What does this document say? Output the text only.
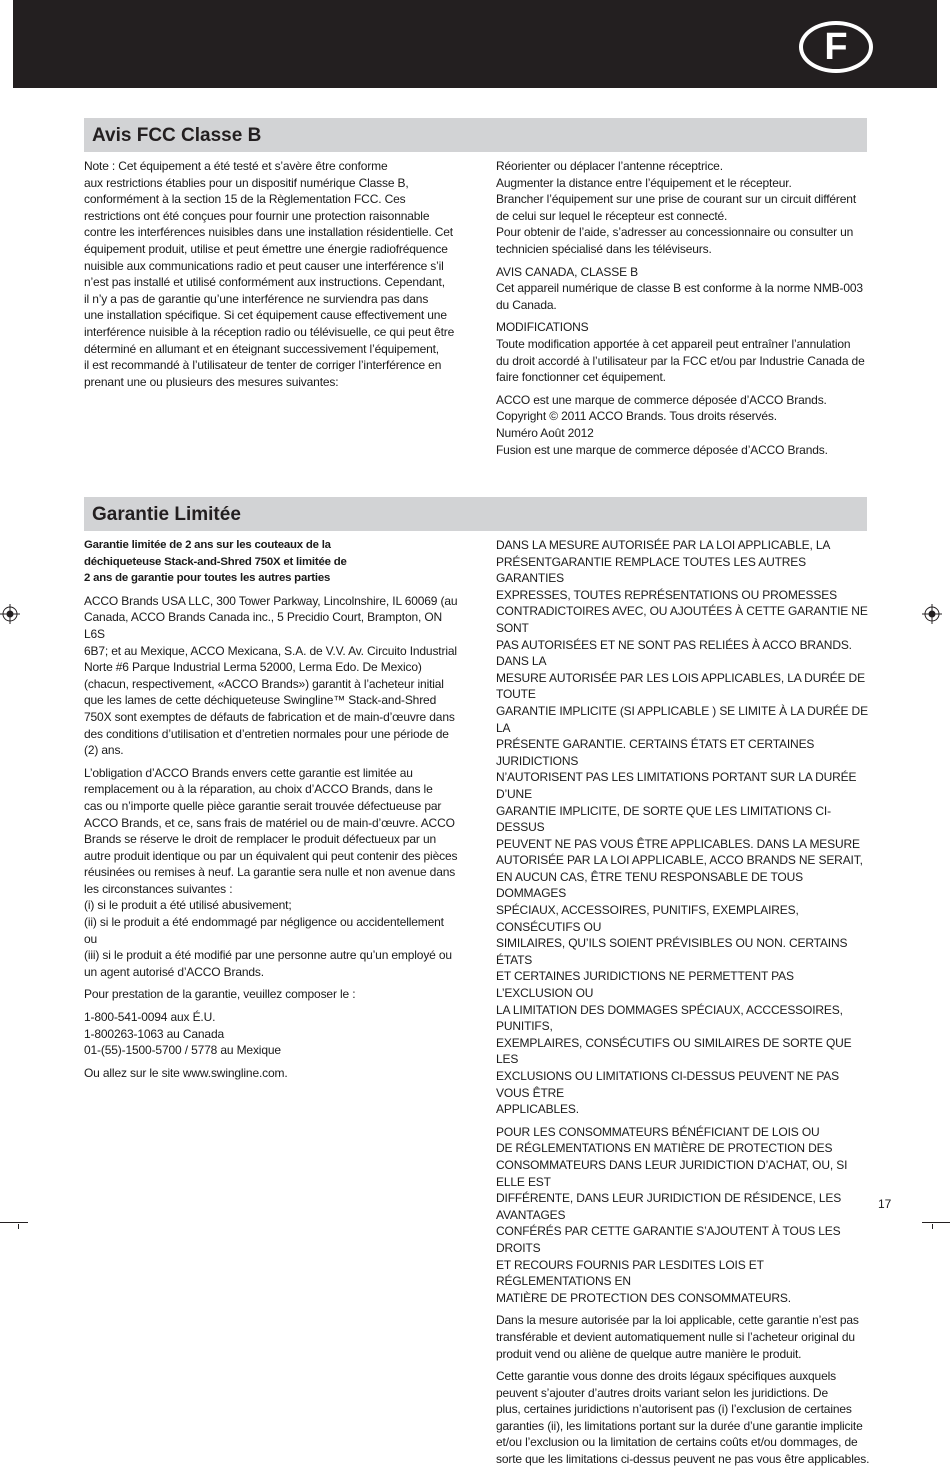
F
Avis FCC Classe B

Note : Cet équipement a été testé et s’avère être conforme
aux restrictions établies pour un dispositif numérique Classe B,
conformément à la section 15 de la Règlementation FCC. Ces
restrictions ont été conçues pour fournir une protection raisonnable
contre les interférences nuisibles dans une installation résidentielle. Cet
équipement produit, utilise et peut émettre une énergie radiofréquence
nuisible aux communications radio et peut causer une interférence s’il
n’est pas installé et utilisé conformément aux instructions. Cependant,
il n’y a pas de garantie qu’une interférence ne surviendra pas dans
une installation spécifique. Si cet équipement cause effectivement une
interférence nuisible à la réception radio ou télévisuelle, ce qui peut être
déterminé en allumant et en éteignant successivement l’équipement,
il est recommandé à l’utilisateur de tenter de corriger l’interférence en
prenant une ou plusieurs des mesures suivantes:

Réorienter ou déplacer l’antenne réceptrice.
Augmenter la distance entre l’équipement et le récepteur.
Brancher l’équipement sur une prise de courant sur un circuit différent
de celui sur lequel le récepteur est connecté.
Pour obtenir de l’aide, s’adresser au concessionnaire ou consulter un
technicien spécialisé dans les téléviseurs.

AVIS CANADA, CLASSE B
Cet appareil numérique de classe B est conforme à la norme NMB-003
du Canada.

MODIFICATIONS
Toute modification apportée à cet appareil peut entraîner l’annulation
du droit accordé à l’utilisateur par la FCC et/ou par Industrie Canada de
faire fonctionner cet équipement.

ACCO est une marque de commerce déposée d’ACCO Brands.
Copyright © 2011 ACCO Brands. Tous droits réservés.
Numéro Août 2012
Fusion est une marque de commerce déposée d’ACCO Brands.

Garantie Limitée
Garantie limitée de 2 ans sur les couteaux de la
déchiqueteuse Stack-and-Shred 750X et limitée de
2 ans de garantie pour toutes les autres parties

ACCO Brands USA LLC, 300 Tower Parkway, Lincolnshire, IL 60069 (au
Canada, ACCO Brands Canada inc., 5 Precidio Court, Brampton, ON L6S
6B7; et au Mexique, ACCO Mexicana, S.A. de V.V. Av. Circuito Industrial
Norte #6 Parque Industrial Lerma 52000, Lerma Edo. De Mexico)
(chacun, respectivement, «ACCO Brands») garantit à l’acheteur initial
que les lames de cette déchiqueteuse Swingline™ Stack-and-Shred
750X sont exemptes de défauts de fabrication et de main-d’œuvre dans
des conditions d’utilisation et d’entretien normales pour une période de
(2) ans.

L’obligation d’ACCO Brands envers cette garantie est limitée au
remplacement ou à la réparation, au choix d’ACCO Brands, dans le
cas ou n’importe quelle pièce garantie serait trouvée défectueuse par
ACCO Brands, et ce, sans frais de matériel ou de main-d’œuvre. ACCO
Brands se réserve le droit de remplacer le produit défectueux par un
autre produit identique ou par un équivalent qui peut contenir des pièces
réusinées ou remises à neuf. La garantie sera nulle et non avenue dans
les circonstances suivantes :
(i) si le produit a été utilisé abusivement;
(ii) si le produit a été endommagé par négligence ou accidentellement
ou
(iii) si le produit a été modifié par une personne autre qu’un employé ou
un agent autorisé d’ACCO Brands.

Pour prestation de la garantie, veuillez composer le :

1-800-541-0094 aux É.U.
1-800263-1063 au Canada
01-(55)-1500-5700 / 5778 au Mexique

Ou allez sur le site www.swingline.com.

DANS LA MESURE AUTORISÉE PAR LA LOI APPLICABLE, LA
PRÉSENTGARANTIE REMPLACE TOUTES LES AUTRES GARANTIES
EXPRESSES, TOUTES REPRÉSENTATIONS OU PROMESSES
CONTRADICTOIRES AVEC, OU AJOUTÉES À CETTE GARANTIE NE SONT
PAS AUTORISÉES ET NE SONT PAS RELIÉES À ACCO BRANDS. DANS LA
MESURE AUTORISÉE PAR LES LOIS APPLICABLES, LA DURÉE DE TOUTE
GARANTIE IMPLICITE (SI APPLICABLE ) SE LIMITE À LA DURÉE DE LA
PRÉSENTE GARANTIE. CERTAINS ÉTATS ET CERTAINES JURIDICTIONS
N’AUTORISENT PAS LES LIMITATIONS PORTANT SUR LA DURÉE D’UNE
GARANTIE IMPLICITE, DE SORTE QUE LES LIMITATIONS CI-DESSUS
PEUVENT NE PAS VOUS ÊTRE APPLICABLES. DANS LA MESURE
AUTORISÉE PAR LA LOI APPLICABLE, ACCO BRANDS NE SERAIT,
EN AUCUN CAS, ÊTRE TENU RESPONSABLE DE TOUS DOMMAGES
SPÉCIAUX, ACCESSOIRES, PUNITIFS, EXEMPLAIRES, CONSÉCUTIFS OU
SIMILAIRES, QU’ILS SOIENT PRÉVISIBLES OU NON. CERTAINS ÉTATS
ET CERTAINES JURIDICTIONS NE PERMETTENT PAS L’EXCLUSION OU
LA LIMITATION DES DOMMAGES SPÉCIAUX, ACCCESSOIRES, PUNITIFS,
EXEMPLAIRES, CONSÉCUTIFS OU SIMILAIRES DE SORTE QUE LES
EXCLUSIONS OU LIMITATIONS CI-DESSUS PEUVENT NE PAS VOUS ÊTRE
APPLICABLES.

POUR LES CONSOMMATEURS BÉNÉFICIANT DE LOIS OU
DE RÉGLEMENTATIONS EN MATIÈRE DE PROTECTION DES
CONSOMMATEURS DANS LEUR JURIDICTION D’ACHAT, OU, SI ELLE EST
DIFFÉRENTE, DANS LEUR JURIDICTION DE RÉSIDENCE, LES AVANTAGES
CONFÉRÉS PAR CETTE GARANTIE S’AJOUTENT À TOUS LES DROITS
ET RECOURS FOURNIS PAR LESDITES LOIS ET RÉGLEMENTATIONS EN
MATIÈRE DE PROTECTION DES CONSOMMATEURS.

Dans la mesure autorisée par la loi applicable, cette garantie n’est pas
transférable et devient automatiquement nulle si l’acheteur original du
produit vend ou aliène de quelque autre manière le produit.

Cette garantie vous donne des droits légaux spécifiques auxquels
peuvent s’ajouter d’autres droits variant selon les juridictions. De
plus, certaines juridictions n’autorisent pas (i) l’exclusion de certaines
garanties (ii), les limitations portant sur la durée d’une garantie implicite
et/ou l’exclusion ou la limitation de certains coûts et/ou dommages, de
sorte que les limitations ci-dessus peuvent ne pas vous être applicables.

17
